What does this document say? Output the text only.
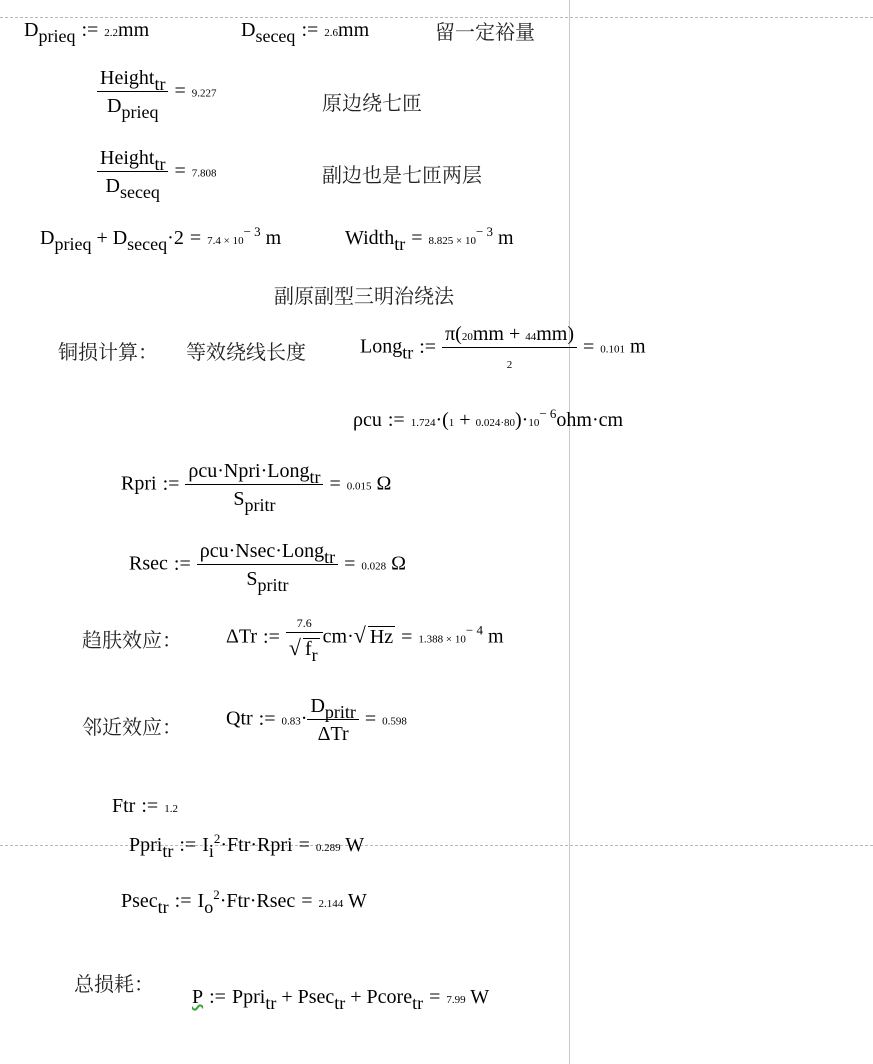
$D_{prieq}$ := 2.2mm	$D_{seceq}$ := 2.6mm	留一定裕量
$\frac{Height_{tr}}{D_{prieq}} = 9.227$	原边绕七匝
$\frac{Height_{tr}}{D_{seceq}} = 7.808$	副边也是七匝两层
$D_{prieq} + D_{seceq}\cdot 2 = 7.4 \times 10^{- 3}$ m	Width$_{tr}$ = $8.825 \times 10^{- 3}$ m
副原副型三明治绕法
铜损计算： 等效绕线长度	Long$_{tr}$ := $\frac{\pi(20mm + 44mm)}{2} = 0.101$ m
ρcu := $1.724\cdot(1 + 0.024\cdot 80)\cdot 10^{- 6}ohm\cdot cm$
Rpri := $\frac{\rho cu\cdot Npri\cdot Long_{tr}}{S_{pritr}} = 0.015$ Ω
Rsec := $\frac{\rho cu\cdot Nsec\cdot Long_{tr}}{S_{pritr}} = 0.028$ Ω
趋肤效应： ΔTr := $\frac{7.6}{√ f_r} cm\cdot√$ $Hz = 1.388 \times 10^{- 4}$ m
邻近效应： Qtr := $0.83\cdot \frac{D_{pritr}}{\text{ΔTr}} = 0.598$
Ftr := 1.2
Ppri$_{tr}$ := $I_i^2\cdot Ftr\cdot Rpri = 0.289$ W
Psec$_{tr}$ := $I_o^2\cdot Ftr\cdot Rsec = 2.144$ W
总损耗：
P := Ppri$_{tr}$ + Psec$_{tr}$ + Pcore$_{tr}$ = 7.99 W
